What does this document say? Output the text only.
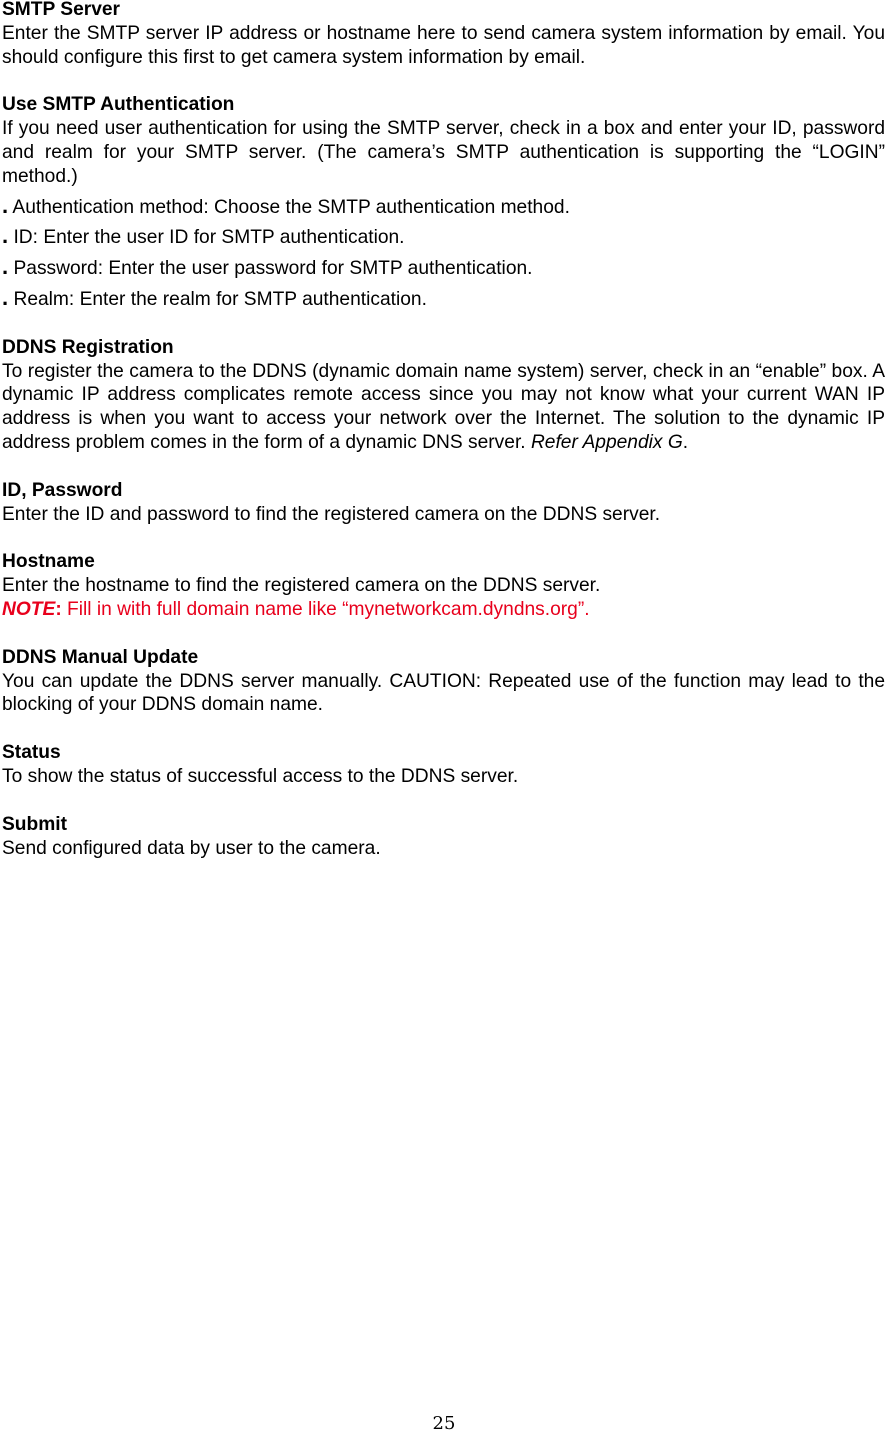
SMTP Server

Enter the SMTP server IP address or hostname here to send camera system information by email. You should configure this first to get camera system information by email.

Use SMTP Authentication

If you need user authentication for using the SMTP server, check in a box and enter your ID, password and realm for your SMTP server. (The camera’s SMTP authentication is supporting the “LOGIN” method.)

. Authentication method: Choose the SMTP authentication method.
. ID: Enter the user ID for SMTP authentication.
. Password: Enter the user password for SMTP authentication.
. Realm: Enter the realm for SMTP authentication.
DDNS Registration

To register the camera to the DDNS (dynamic domain name system) server, check in an “enable” box. A dynamic IP address complicates remote access since you may not know what your current WAN IP address is when you want to access your network over the Internet. The solution to the dynamic IP address problem comes in the form of a dynamic DNS server. Refer Appendix G.

ID, Password

Enter the ID and password to find the registered camera on the DDNS server.

Hostname

Enter the hostname to find the registered camera on the DDNS server.

NOTE: Fill in with full domain name like “mynetworkcam.dyndns.org”.
DDNS Manual Update

You can update the DDNS server manually. CAUTION: Repeated use of the function may lead to the blocking of your DDNS domain name.

Status

To show the status of successful access to the DDNS server.

Submit

Send configured data by user to the camera.

25
